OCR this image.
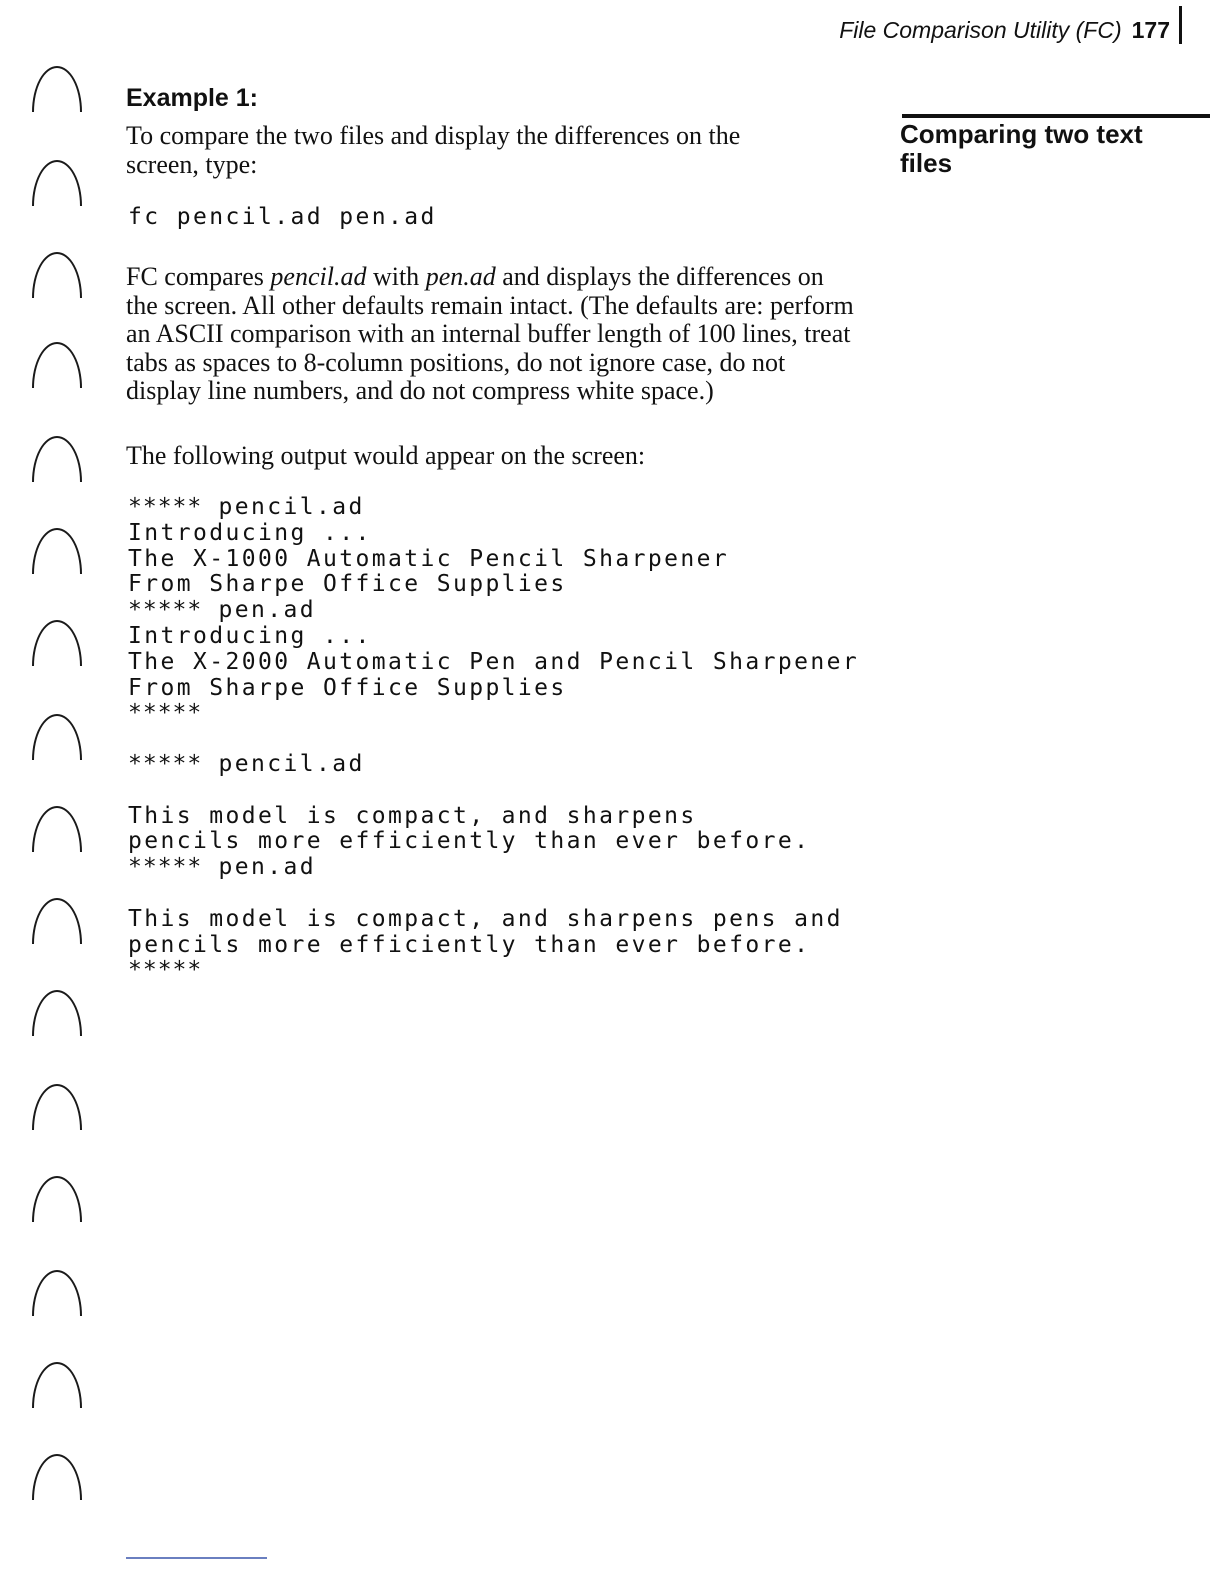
File Comparison Utility (FC) 177
Example 1:
Comparing two text files

To compare the two files and display the differences on the screen, type:

fc pencil.ad pen.ad

FC compares pencil.ad with pen.ad and displays the differences on the screen. All other defaults remain intact. (The defaults are: perform an ASCII comparison with an internal buffer length of 100 lines, treat tabs as spaces to 8-column positions, do not ignore case, do not display line numbers, and do not compress white space.)

The following output would appear on the screen:

***** pencil.ad
Introducing ...
The X-1000 Automatic Pencil Sharpener
From Sharpe Office Supplies
***** pen.ad
Introducing ...
The X-2000 Automatic Pen and Pencil Sharpener
From Sharpe Office Supplies
*****
***** pencil.ad

This model is compact, and sharpens
pencils more efficiently than ever before.
***** pen.ad

This model is compact, and sharpens pens and
pencils more efficiently than ever before.
*****
